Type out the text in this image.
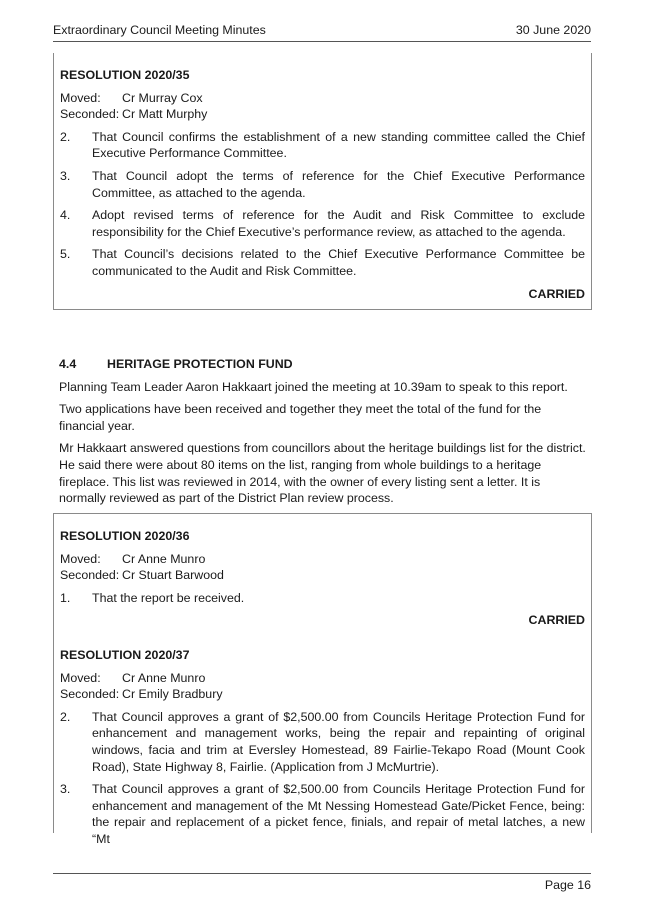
Extraordinary Council Meeting Minutes	30 June 2020
RESOLUTION 2020/35
Moved:	Cr Murray Cox
Seconded: Cr Matt Murphy
2.	That Council confirms the establishment of a new standing committee called the Chief Executive Performance Committee.
3.	That Council adopt the terms of reference for the Chief Executive Performance Committee, as attached to the agenda.
4.	Adopt revised terms of reference for the Audit and Risk Committee to exclude responsibility for the Chief Executive’s performance review, as attached to the agenda.
5.	That Council’s decisions related to the Chief Executive Performance Committee be communicated to the Audit and Risk Committee.
CARRIED
4.4	HERITAGE PROTECTION FUND

Planning Team Leader Aaron Hakkaart joined the meeting at 10.39am to speak to this report.

Two applications have been received and together they meet the total of the fund for the financial year.

Mr Hakkaart answered questions from councillors about the heritage buildings list for the district. He said there were about 80 items on the list, ranging from whole buildings to a heritage fireplace. This list was reviewed in 2014, with the owner of every listing sent a letter. It is normally reviewed as part of the District Plan review process.

RESOLUTION 2020/36
Moved:	Cr Anne Munro
Seconded: Cr Stuart Barwood
1.	That the report be received.
CARRIED
RESOLUTION 2020/37
Moved:	Cr Anne Munro
Seconded: Cr Emily Bradbury
2.	That Council approves a grant of $2,500.00 from Councils Heritage Protection Fund for enhancement and management works, being the repair and repainting of original windows, facia and trim at Eversley Homestead, 89 Fairlie-Tekapo Road (Mount Cook Road), State Highway 8, Fairlie. (Application from J McMurtrie).
3.	That Council approves a grant of $2,500.00 from Councils Heritage Protection Fund for enhancement and management of the Mt Nessing Homestead Gate/Picket Fence, being: the repair and replacement of a picket fence, finials, and repair of metal latches, a new “Mt
Page 16
